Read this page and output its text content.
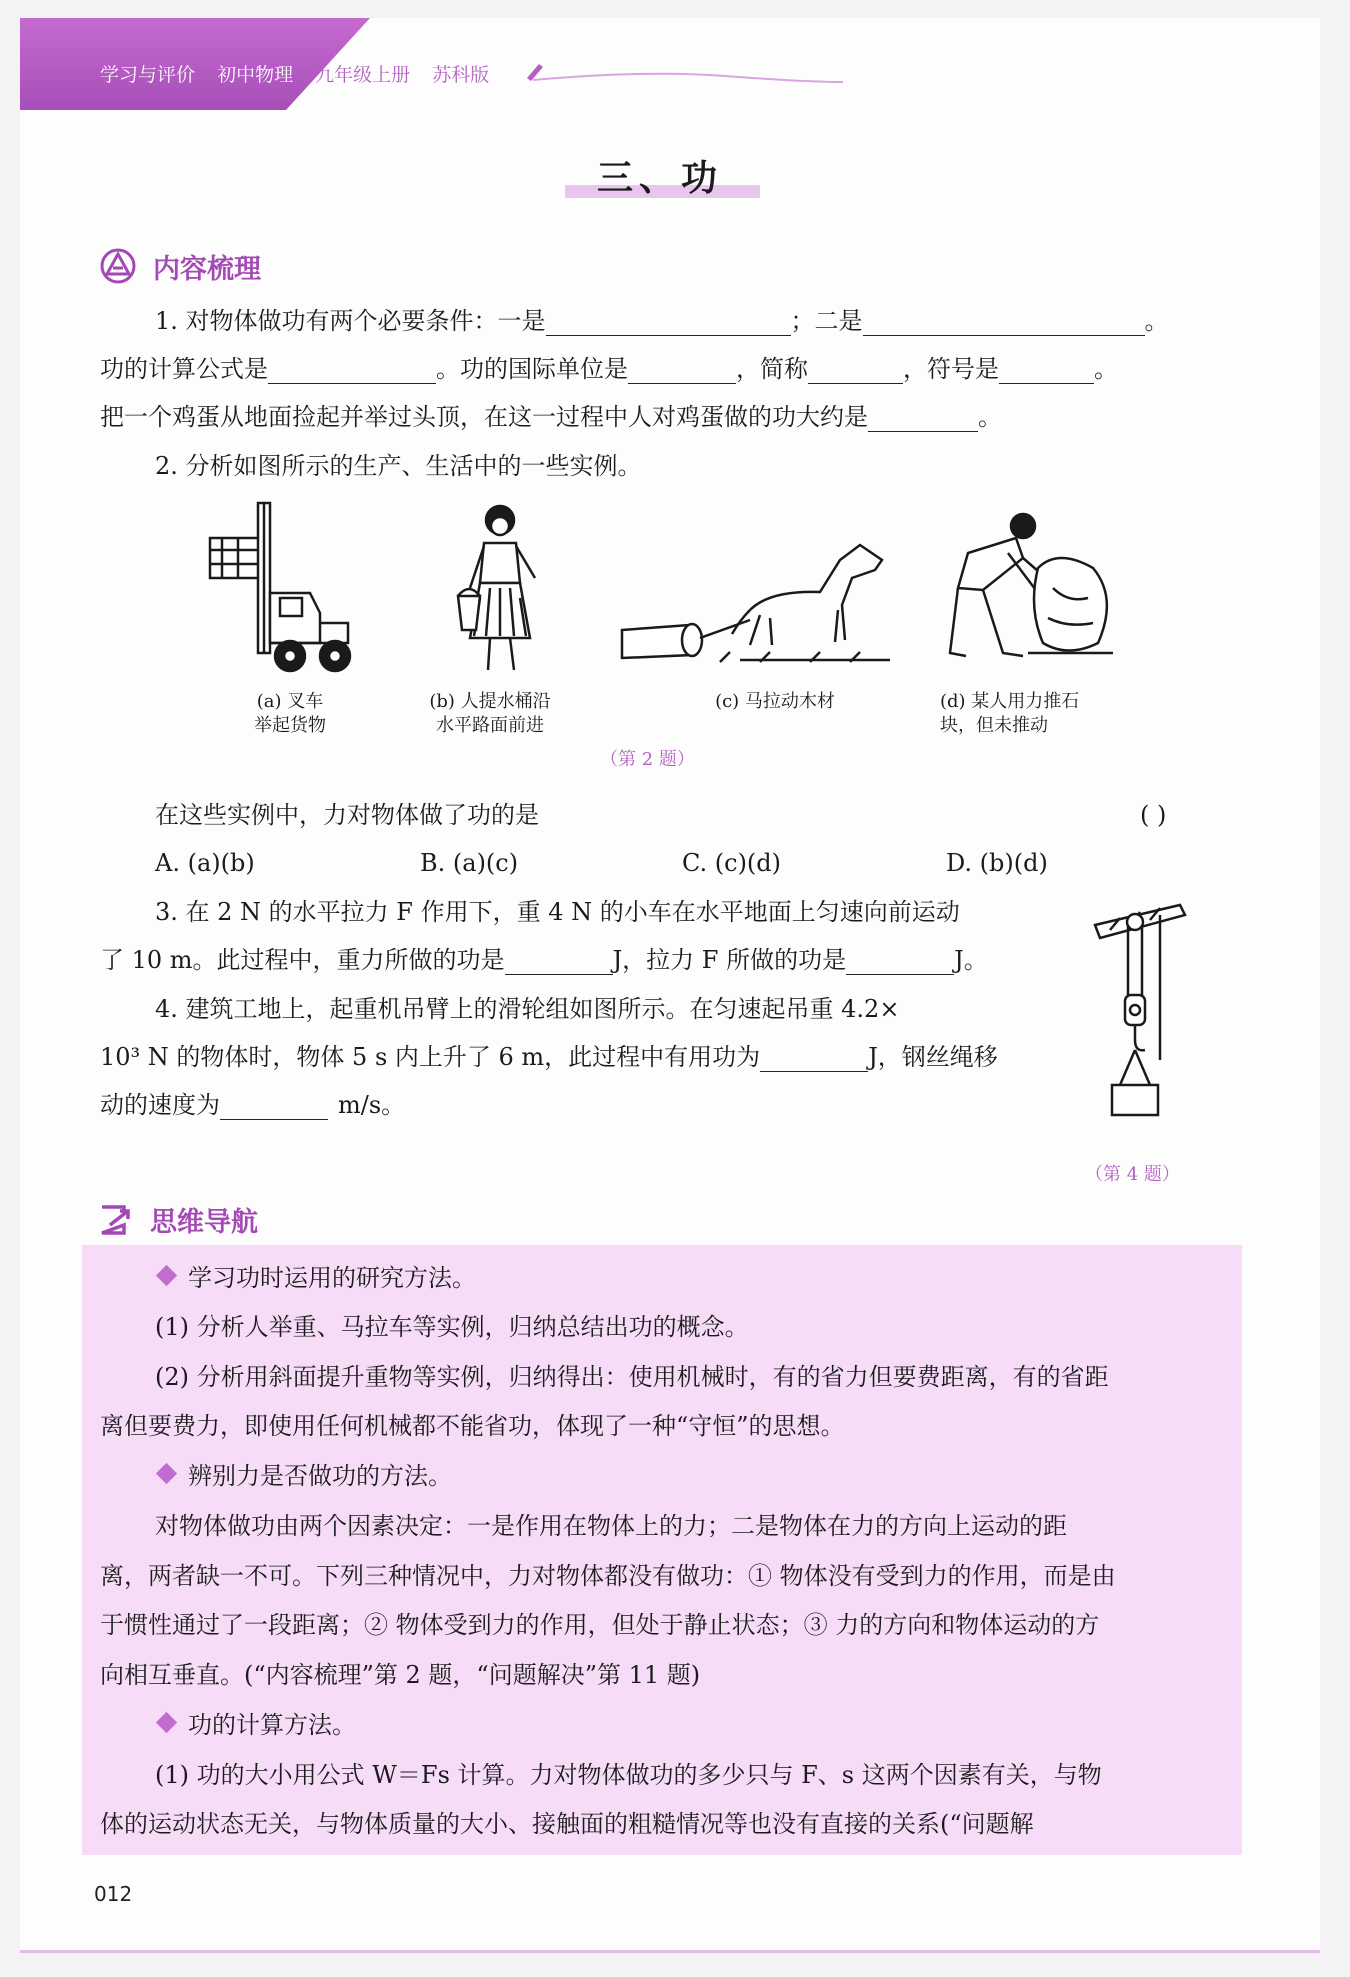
学习与评价 初中物理 九年级上册 苏科版
三、功
内容梳理
1. 对物体做功有两个必要条件：一是	；二是	。
功的计算公式是	。功的国际单位是	，简称	，符号是	。
把一个鸡蛋从地面捡起并举过头顶，在这一过程中人对鸡蛋做的功大约是	。
2. 分析如图所示的生产、生活中的一些实例。
(a) 叉车
举起货物
(b) 人提水桶沿
水平路面前进
(c) 马拉动木材	(d) 某人用力推石
块，但未推动
（第 2 题）
在这些实例中，力对物体做了功的是	( )
A. (a)(b)	B. (a)(c)	C. (c)(d)	D. (b)(d)
3. 在 2 N 的水平拉力 F 作用下，重 4 N 的小车在水平地面上匀速向前运动
了 10 m。此过程中，重力所做的功是	J，拉力 F 所做的功是	J。
4. 建筑工地上，起重机吊臂上的滑轮组如图所示。在匀速起吊重 4.2×
10³ N 的物体时，物体 5 s 内上升了 6 m，此过程中有用功为	J，钢丝绳移
动的速度为	m/s。
（第 4 题）
思维导航
学习功时运用的研究方法。
(1) 分析人举重、马拉车等实例，归纳总结出功的概念。
(2) 分析用斜面提升重物等实例，归纳得出：使用机械时，有的省力但要费距离，有的省距
离但要费力，即使用任何机械都不能省功，体现了一种“守恒”的思想。
辨别力是否做功的方法。
对物体做功由两个因素决定：一是作用在物体上的力；二是物体在力的方向上运动的距
离，两者缺一不可。下列三种情况中，力对物体都没有做功：① 物体没有受到力的作用，而是由
于惯性通过了一段距离；② 物体受到力的作用，但处于静止状态；③ 力的方向和物体运动的方
向相互垂直。(“内容梳理”第 2 题，“问题解决”第 11 题)
功的计算方法。
(1) 功的大小用公式 W＝Fs 计算。力对物体做功的多少只与 F、s 这两个因素有关，与物
体的运动状态无关，与物体质量的大小、接触面的粗糙情况等也没有直接的关系(“问题解
012
